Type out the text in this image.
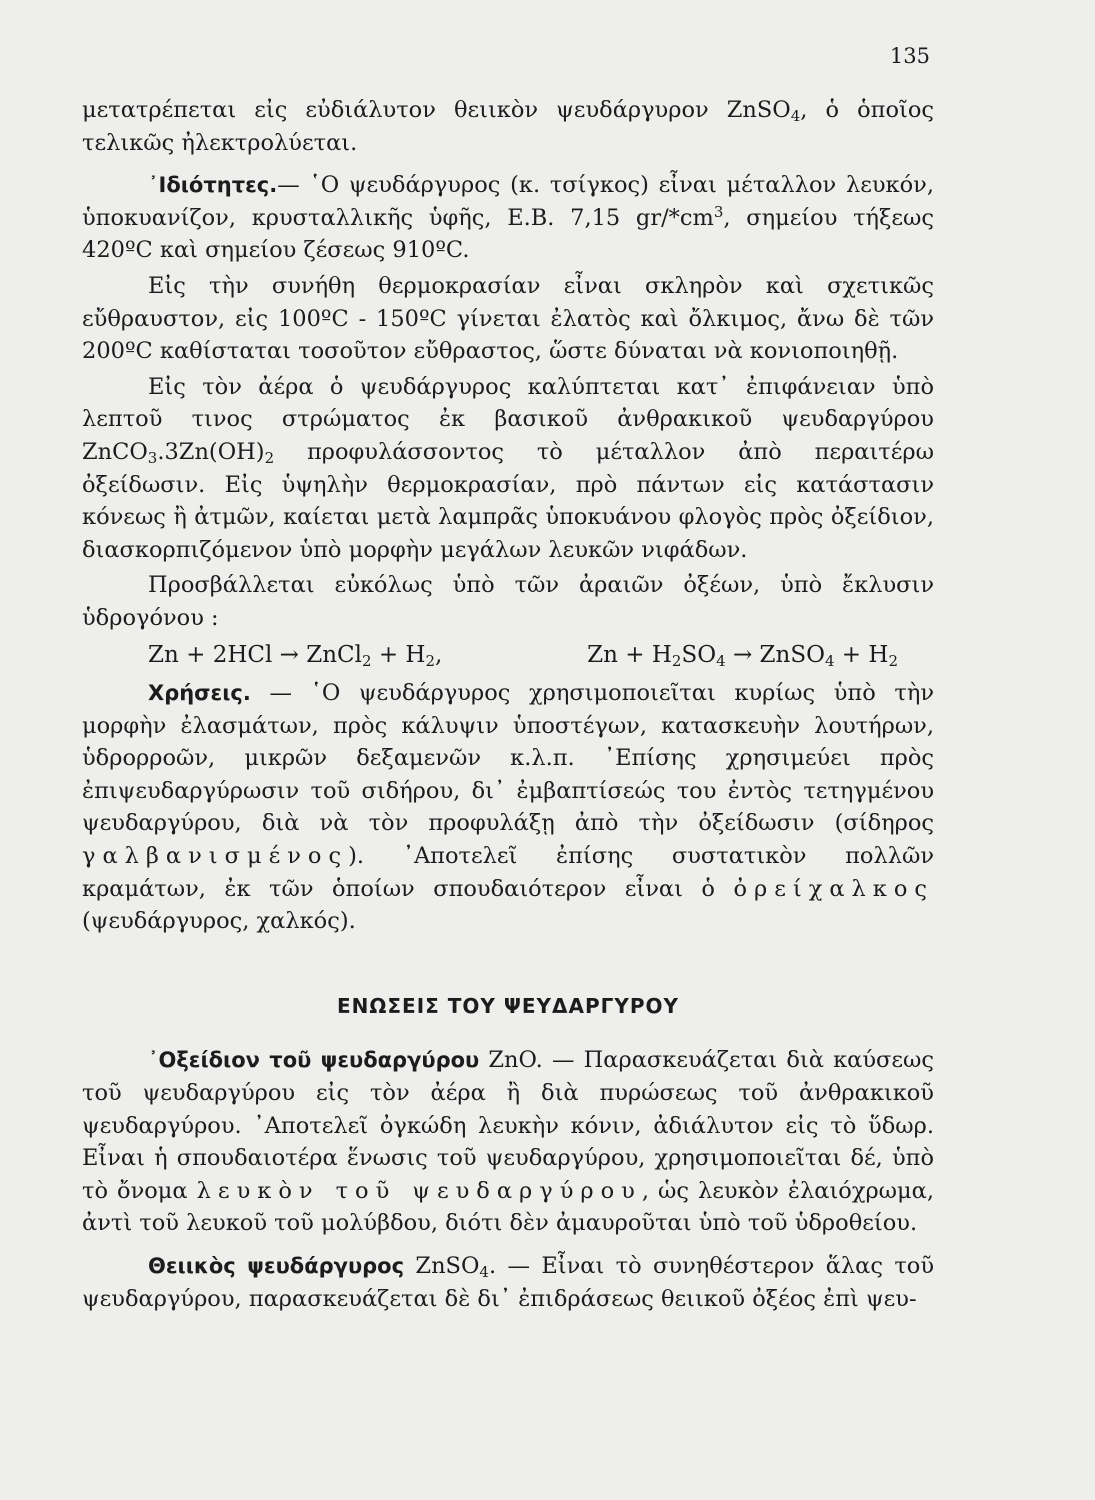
135

μετατρέπεται εἰς εὐδιάλυτον θειικὸν ψευδάργυρον ZnSO$_4$, ὁ ὁποῖος τελικῶς ἠλεκτρολύεται.

᾽Ιδιότητες.— ῾Ο ψευδάργυρος (κ. τσίγκος) εἶναι μέταλλον λευκόν, ὑποκυανίζον, κρυσταλλικῆς ὑφῆς, Ε.Β. 7,15 $gr/*cm^3$, σημείου τήξεως 420ºC καὶ σημείου ζέσεως 910ºC.

Εἰς τὴν συνήθη θερμοκρασίαν εἶναι σκληρὸν καὶ σχετικῶς εὔθραυστον, εἰς 100ºC - 150ºC γίνεται ἐλατὸς καὶ ὄλκιμος, ἄνω δὲ τῶν 200ºC καθίσταται τοσοῦτον εὔθραστος, ὥστε δύναται νὰ κονιοποιηθῇ.

Εἰς τὸν ἀέρα ὁ ψευδάργυρος καλύπτεται κατ᾽ ἐπιφάνειαν ὑπὸ λεπτοῦ τινος στρώματος ἐκ βασικοῦ ἀνθρακικοῦ ψευδαργύρου $ZnCO_3.3Zn(OH)_2$ προφυλάσσοντος τὸ μέταλλον ἀπὸ περαιτέρω ὀξείδωσιν. Εἰς ὑψηλὴν θερμοκρασίαν, πρὸ πάντων εἰς κατάστασιν κόνεως ἢ ἀτμῶν, καίεται μετὰ λαμπρᾶς ὑποκυάνου φλογὸς πρὸς ὀξείδιον, διασκορπιζόμενον ὑπὸ μορφὴν μεγάλων λευκῶν νιφάδων.

Προσβάλλεται εὐκόλως ὑπὸ τῶν ἀραιῶν ὀξέων, ὑπὸ ἔκλυσιν ὑδρογόνου :

Zn + 2HCl → ZnCl$_2$ + $H_2$,	$Zn + H_2SO_4$ → ZnSO$_4$ + $H_2$

Χρήσεις. — ῾Ο ψευδάργυρος χρησιμοποιεῖται κυρίως ὑπὸ τὴν μορφὴν ἐλασμάτων, πρὸς κάλυψιν ὑποστέγων, κατασκευὴν λουτήρων, ὑδρορροῶν, μικρῶν δεξαμενῶν κ.λ.π. ᾽Επίσης χρησιμεύει πρὸς ἐπιψευδαργύρωσιν τοῦ σιδήρου, δι᾽ ἐμβαπτίσεώς του ἐντὸς τετηγμένου ψευδαργύρου, διὰ νὰ τὸν προφυλάξῃ ἀπὸ τὴν ὀξείδωσιν (σίδηρος γαλβανισμένος). ᾽Αποτελεῖ ἐπίσης συστατικὸν πολλῶν κραμάτων, ἐκ τῶν ὁποίων σπουδαιότερον εἶναι ὁ ὀρείχαλκος (ψευδάργυρος, χαλκός).

ΕΝΩΣΕΙΣ ΤΟΥ ΨΕΥΔΑΡΓΥΡΟΥ

᾽Οξείδιον τοῦ ψευδαργύρου ZnO. — Παρασκευάζεται διὰ καύσεως τοῦ ψευδαργύρου εἰς τὸν ἀέρα ἢ διὰ πυρώσεως τοῦ ἀνθρακικοῦ ψευδαργύρου. ᾽Αποτελεῖ ὀγκώδη λευκὴν κόνιν, ἀδιάλυτον εἰς τὸ ὕδωρ. Εἶναι ἡ σπουδαιοτέρα ἕνωσις τοῦ ψευδαργύρου, χρησιμοποιεῖται δέ, ὑπὸ τὸ ὄνομα λευκὸν τοῦ ψευδαργύρου, ὡς λευκὸν ἐλαιόχρωμα, ἀντὶ τοῦ λευκοῦ τοῦ μολύβδου, διότι δὲν ἀμαυροῦται ὑπὸ τοῦ ὑδροθείου.

Θειικὸς ψευδάργυρος ZnSO$_4$. — Εἶναι τὸ συνηθέστερον ἅλας τοῦ ψευδαργύρου, παρασκευάζεται δὲ δι᾽ ἐπιδράσεως θειικοῦ ὀξέος ἐπὶ ψευ-
